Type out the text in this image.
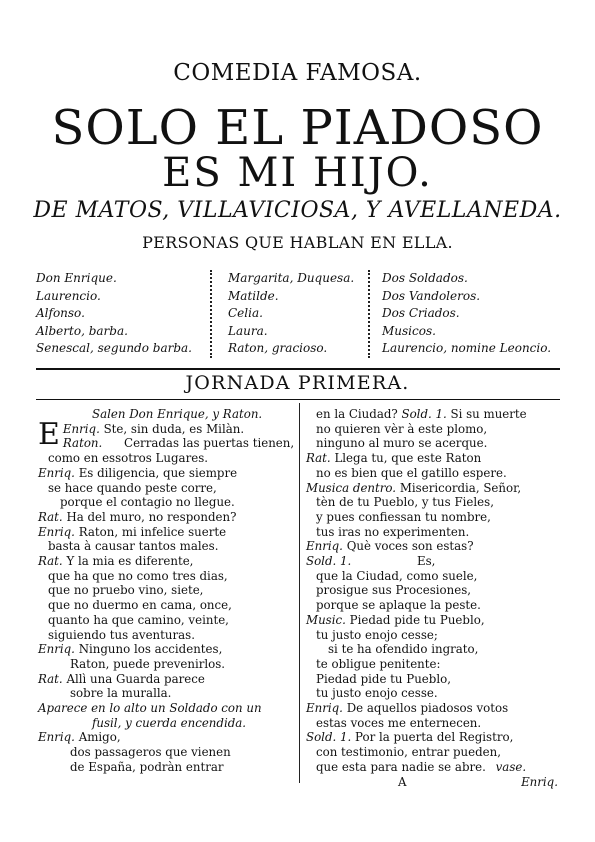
COMEDIA FAMOSA.
SOLO EL PIADOSO
ES MI HIJO.
DE MATOS, VILLAVICIOSA, Y AVELLANEDA.
PERSONAS QUE HABLAN EN ELLA.
Don Enrique.
Laurencio.
Alfonso.
Alberto, barba.
Senescal, segundo barba.
Margarita, Duquesa.
Matilde.
Celia.
Laura.
Raton, gracioso.
Dos Soldados.
Dos Vandoleros.
Dos Criados.
Musicos.
Laurencio, nomine Leoncio.
JORNADA PRIMERA.
Salen Don Enrique, y Raton.
Enriq.
E	Ste, sin duda, es Milàn.
Raton. Cerradas las puertas tienen,
como en essotros Lugares.
Enriq. Es diligencia, que siempre
se hace quando peste corre,
porque el contagio no llegue.
Rat. Ha del muro, no responden?
Enriq. Raton, mi infelice suerte
basta à causar tantos males.
Rat. Y la mia es diferente,
que ha que no como tres dias,
que no pruebo vino, siete,
que no duermo en cama, once,
quanto ha que camino, veinte,
siguiendo tus aventuras.
Enriq. Ninguno los accidentes,
Raton, puede prevenirlos.
Rat. Allì una Guarda parece
sobre la muralla.
Aparece en lo alto un Soldado con un
fusil, y cuerda encendida.
Enriq. Amigo,
dos passageros que vienen
de España, podràn entrar
en la Ciudad? Sold. 1. Si su muerte
no quieren vèr à este plomo,
ninguno al muro se acerque.
Rat. Llega tu, que este Raton
no es bien que el gatillo espere.
Musica dentro. Misericordia, Señor,
tèn de tu Pueblo, y tus Fieles,
y pues confiessan tu nombre,
tus iras no experimenten.
Enriq. Què voces son estas?
Sold. 1.	Es,
que la Ciudad, como suele,
prosigue sus Procesiones,
porque se aplaque la peste.
Music. Piedad pide tu Pueblo,
tu justo enojo cesse;
si te ha ofendido ingrato,
te obligue penitente:
Piedad pide tu Pueblo,
tu justo enojo cesse.
Enriq. De aquellos piadosos votos
estas voces me enternecen.
Sold. 1. Por la puerta del Registro,
con testimonio, entrar pueden,
que esta para nadie se abre. vase.
A	Enriq.
